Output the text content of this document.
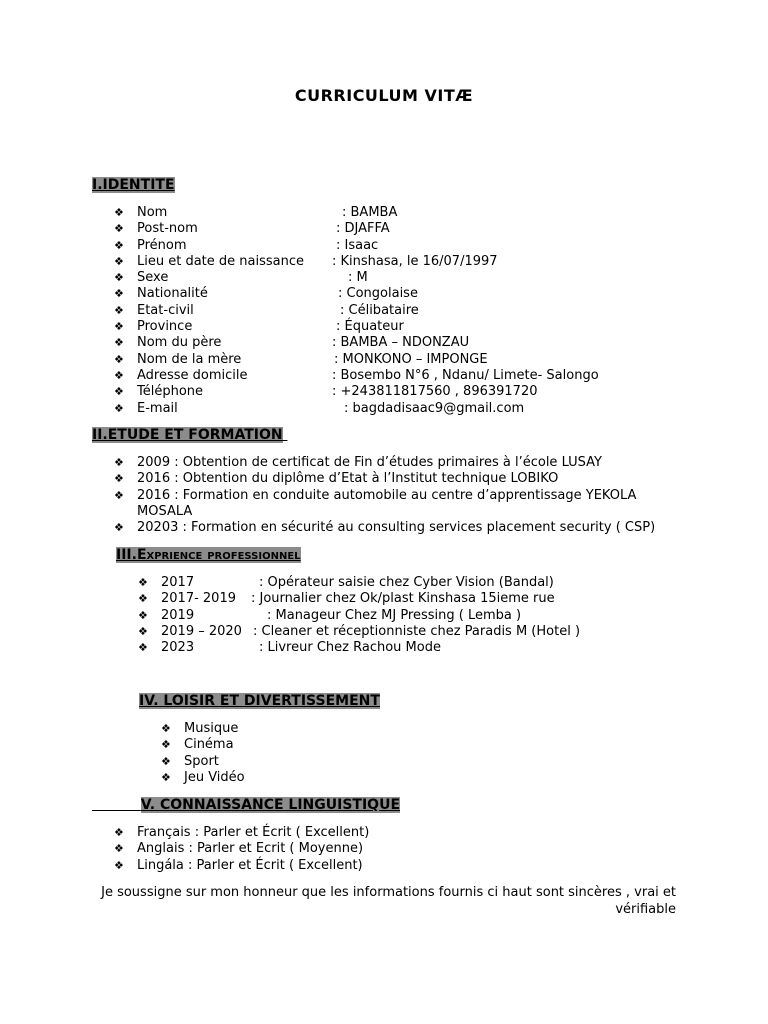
CURRICULUM VITÆ
I.IDENTITE
❖ Nom	: BAMBA
❖ Post-nom	: DJAFFA
❖ Prénom	: Isaac
❖ Lieu et date de naissance : Kinshasa, le 16/07/1997
❖ Sexe	: M
❖ Nationalité	: Congolaise
❖ Etat-civil	: Célibataire
❖ Province	: Équateur
❖ Nom du père	: BAMBA – NDONZAU
❖ Nom de la mère	: MONKONO – IMPONGE
❖ Adresse domicile	: Bosembo N°6 , Ndanu/ Limete- Salongo
❖ Téléphone	: +243811817560 , 896391720
❖ E-mail	: bagdadisaac9@gmail.com
II.ETUDE ET FORMATION
❖ 2009 : Obtention de certificat de Fin d’études primaires à l’école LUSAY
❖ 2016 : Obtention du diplôme d’Etat à l’Institut technique LOBIKO
❖ 2016 : Formation en conduite automobile au centre d’apprentissage YEKOLA
MOSALA
❖ 20203 : Formation en sécurité au consulting services placement security ( CSP)
III.Exprience professionnel
❖ 2017	: Opérateur saisie chez Cyber Vision (Bandal)
❖ 2017- 2019 : Journalier chez Ok/plast Kinshasa 15ieme rue
❖ 2019	: Manageur Chez MJ Pressing ( Lemba )
❖ 2019 – 2020 : Cleaner et réceptionniste chez Paradis M (Hotel )
❖ 2023	: Livreur Chez Rachou Mode
IV. LOISIR ET DIVERTISSEMENT
❖ Musique
❖ Cinéma
❖ Sport
❖ Jeu Vidéo
V. CONNAISSANCE LINGUISTIQUE
❖ Français : Parler et Écrit ( Excellent)
❖ Anglais : Parler et Ecrit ( Moyenne)
❖ Lingála : Parler et Écrit ( Excellent)
Je soussigne sur mon honneur que les informations fournis ci haut sont sincères , vrai et
vérifiable
